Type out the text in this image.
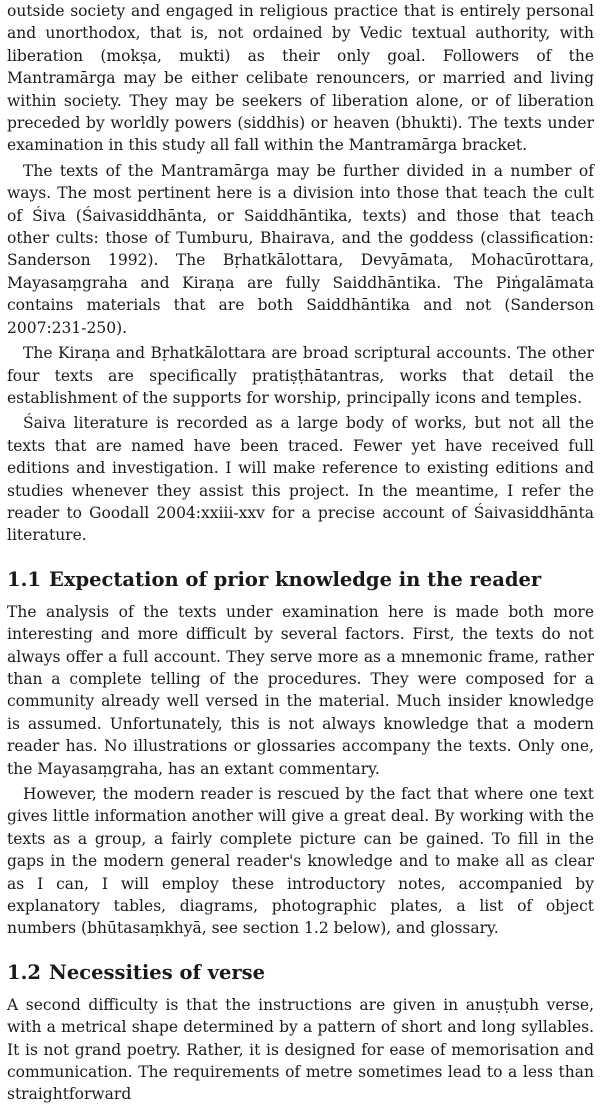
outside society and engaged in religious practice that is entirely personal and unorthodox, that is, not ordained by Vedic textual authority, with liberation (mokṣa, mukti) as their only goal. Followers of the Mantramārga may be either celibate renouncers, or married and living within society. They may be seekers of liberation alone, or of liberation preceded by worldly powers (siddhis) or heaven (bhukti). The texts under examination in this study all fall within the Mantramārga bracket.

The texts of the Mantramārga may be further divided in a number of ways. The most pertinent here is a division into those that teach the cult of Śiva (Śaivasiddhānta, or Saiddhāntika, texts) and those that teach other cults: those of Tumburu, Bhairava, and the goddess (classification: Sanderson 1992). The Bṛhatkālottara, Devyāmata, Mohacūrottara, Mayasaṃgraha and Kiraṇa are fully Saiddhāntika. The Piṅgalāmata contains materials that are both Saiddhāntika and not (Sanderson 2007:231-250).

The Kiraṇa and Bṛhatkālottara are broad scriptural accounts. The other four texts are specifically pratiṣṭhātantras, works that detail the establishment of the supports for worship, principally icons and temples.

Śaiva literature is recorded as a large body of works, but not all the texts that are named have been traced. Fewer yet have received full editions and investigation. I will make reference to existing editions and studies whenever they assist this project. In the meantime, I refer the reader to Goodall 2004:xxiii-xxv for a precise account of Śaivasiddhānta literature.

1.1 Expectation of prior knowledge in the reader

The analysis of the texts under examination here is made both more interesting and more difficult by several factors. First, the texts do not always offer a full account. They serve more as a mnemonic frame, rather than a complete telling of the procedures. They were composed for a community already well versed in the material. Much insider knowledge is assumed. Unfortunately, this is not always knowledge that a modern reader has. No illustrations or glossaries accompany the texts. Only one, the Mayasaṃgraha, has an extant commentary.

However, the modern reader is rescued by the fact that where one text gives little information another will give a great deal. By working with the texts as a group, a fairly complete picture can be gained. To fill in the gaps in the modern general reader's knowledge and to make all as clear as I can, I will employ these introductory notes, accompanied by explanatory tables, diagrams, photographic plates, a list of object numbers (bhūtasaṃkhyā, see section 1.2 below), and glossary.

1.2 Necessities of verse

A second difficulty is that the instructions are given in anuṣṭubh verse, with a metrical shape determined by a pattern of short and long syllables. It is not grand poetry. Rather, it is designed for ease of memorisation and communication. The requirements of metre sometimes lead to a less than straightforward
